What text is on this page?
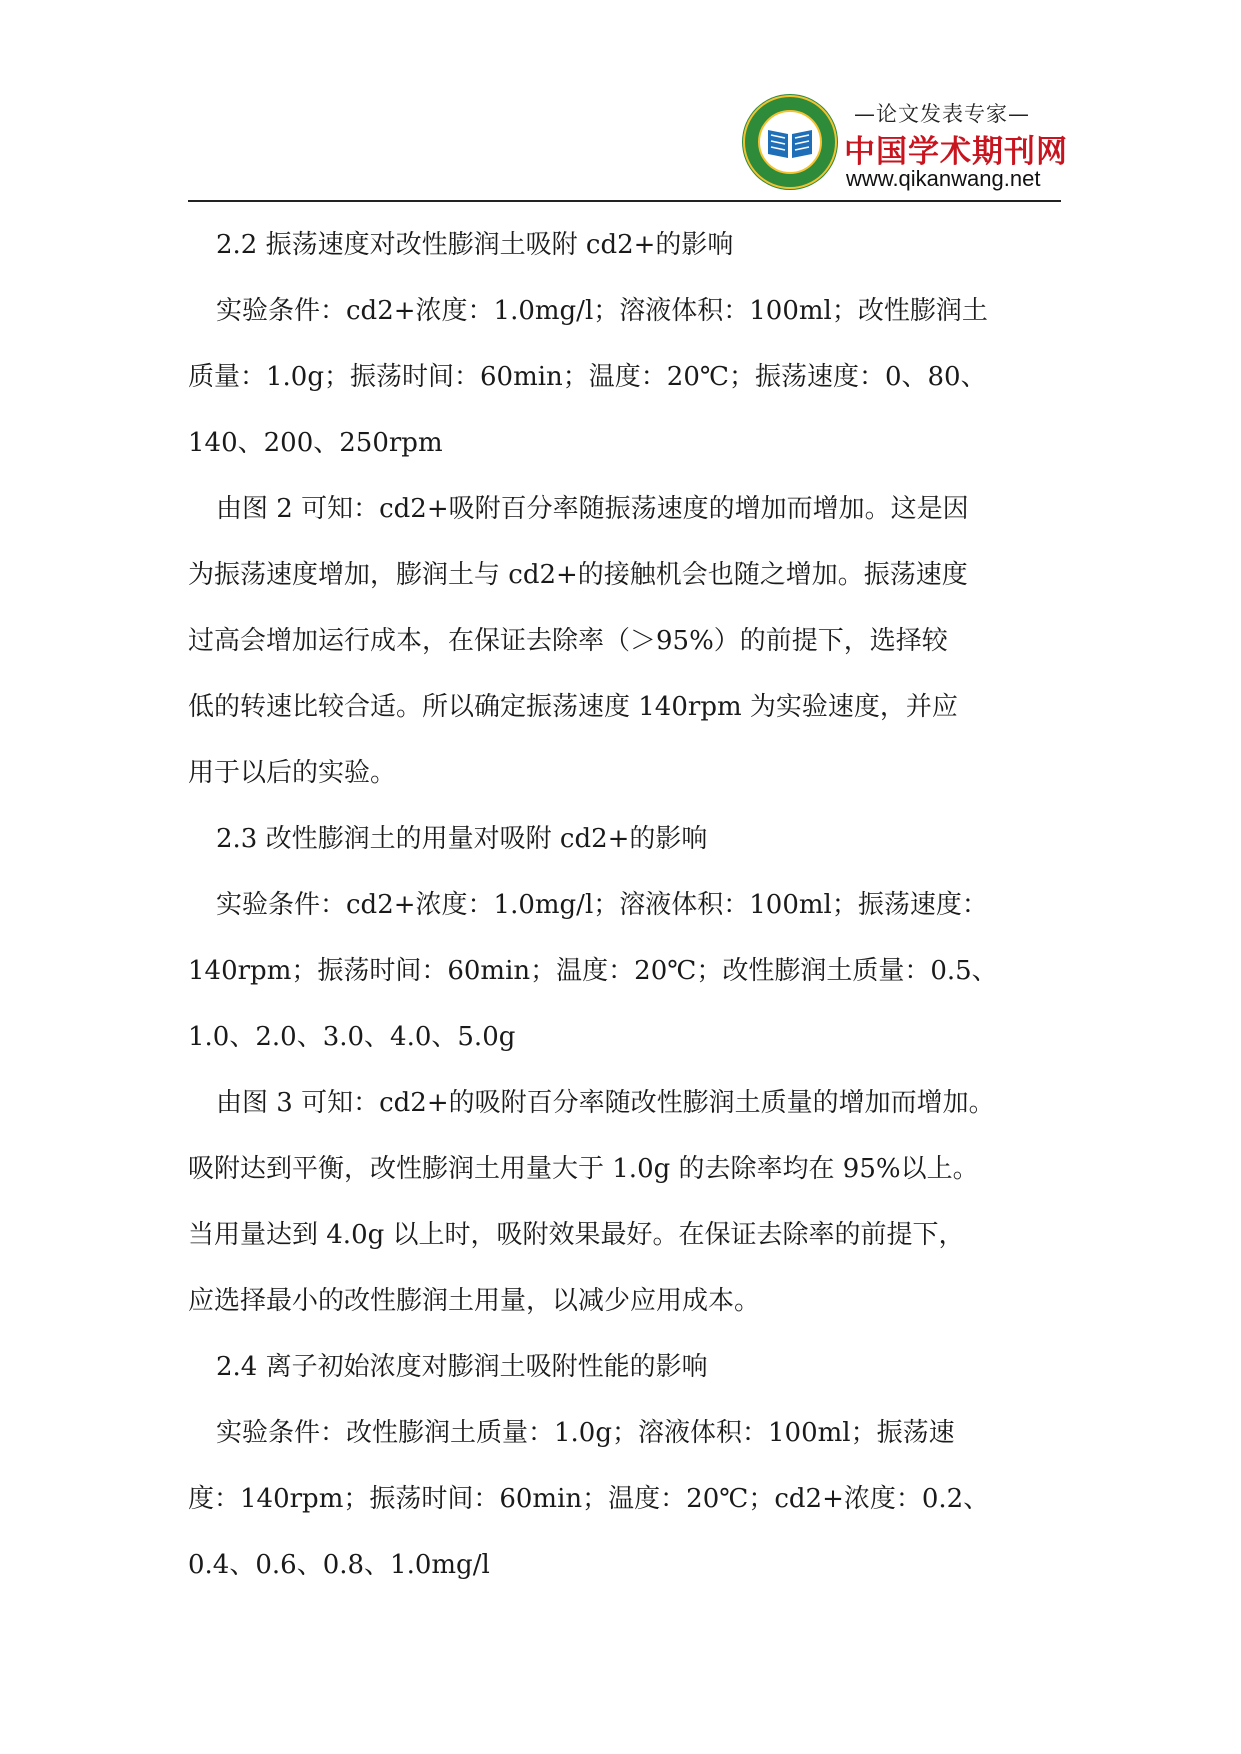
—论文发表专家—
中国学术期刊网
www.qikanwang.net
2.2 振荡速度对改性膨润土吸附 cd2+的影响
实验条件：cd2+浓度：1.0mg/l；溶液体积：100ml；改性膨润土
质量：1.0g；振荡时间：60min；温度：20℃；振荡速度：0、80、
140、200、250rpm
由图 2 可知：cd2+吸附百分率随振荡速度的增加而增加。这是因
为振荡速度增加，膨润土与 cd2+的接触机会也随之增加。振荡速度
过高会增加运行成本，在保证去除率（＞95%）的前提下，选择较
低的转速比较合适。所以确定振荡速度 140rpm 为实验速度，并应
用于以后的实验。
2.3 改性膨润土的用量对吸附 cd2+的影响
实验条件：cd2+浓度：1.0mg/l；溶液体积：100ml；振荡速度：
140rpm；振荡时间：60min；温度：20℃；改性膨润土质量：0.5、
1.0、2.0、3.0、4.0、5.0g
由图 3 可知：cd2+的吸附百分率随改性膨润土质量的增加而增加。
吸附达到平衡，改性膨润土用量大于 1.0g 的去除率均在 95%以上。
当用量达到 4.0g 以上时，吸附效果最好。在保证去除率的前提下，
应选择最小的改性膨润土用量，以减少应用成本。
2.4 离子初始浓度对膨润土吸附性能的影响
实验条件：改性膨润土质量：1.0g；溶液体积：100ml；振荡速
度：140rpm；振荡时间：60min；温度：20℃；cd2+浓度：0.2、
0.4、0.6、0.8、1.0mg/l
